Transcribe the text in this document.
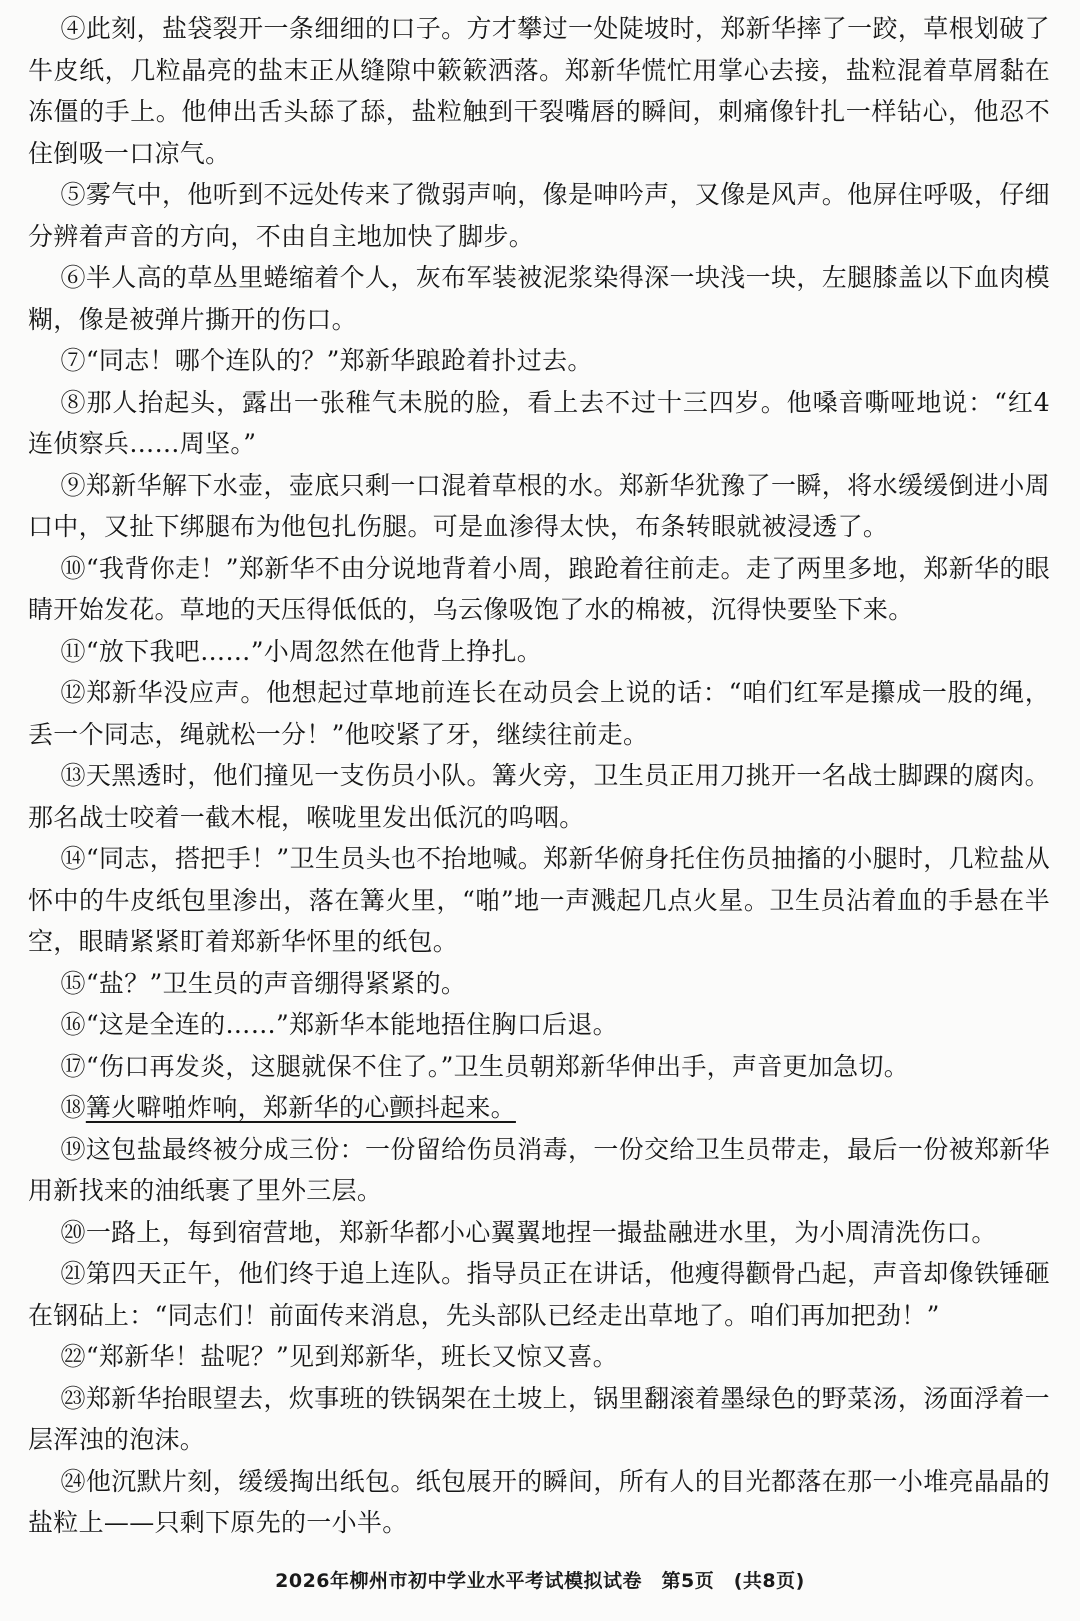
④此刻，盐袋裂开一条细细的口子。方才攀过一处陡坡时，郑新华摔了一跤，草根划破了牛皮纸，几粒晶亮的盐末正从缝隙中簌簌洒落。郑新华慌忙用掌心去接，盐粒混着草屑黏在冻僵的手上。他伸出舌头舔了舔，盐粒触到干裂嘴唇的瞬间，刺痛像针扎一样钻心，他忍不住倒吸一口凉气。

⑤雾气中，他听到不远处传来了微弱声响，像是呻吟声，又像是风声。他屏住呼吸，仔细分辨着声音的方向，不由自主地加快了脚步。

⑥半人高的草丛里蜷缩着个人，灰布军装被泥浆染得深一块浅一块，左腿膝盖以下血肉模糊，像是被弹片撕开的伤口。

⑦“同志！哪个连队的？”郑新华踉跄着扑过去。

⑧那人抬起头，露出一张稚气未脱的脸，看上去不过十三四岁。他嗓音嘶哑地说：“红4连侦察兵……周坚。”

⑨郑新华解下水壶，壶底只剩一口混着草根的水。郑新华犹豫了一瞬，将水缓缓倒进小周口中，又扯下绑腿布为他包扎伤腿。可是血渗得太快，布条转眼就被浸透了。

⑩“我背你走！”郑新华不由分说地背着小周，踉跄着往前走。走了两里多地，郑新华的眼睛开始发花。草地的天压得低低的，乌云像吸饱了水的棉被，沉得快要坠下来。

⑪“放下我吧……”小周忽然在他背上挣扎。

⑫郑新华没应声。他想起过草地前连长在动员会上说的话：“咱们红军是攥成一股的绳，丢一个同志，绳就松一分！”他咬紧了牙，继续往前走。

⑬天黑透时，他们撞见一支伤员小队。篝火旁，卫生员正用刀挑开一名战士脚踝的腐肉。那名战士咬着一截木棍，喉咙里发出低沉的呜咽。

⑭“同志，搭把手！”卫生员头也不抬地喊。郑新华俯身托住伤员抽搐的小腿时，几粒盐从怀中的牛皮纸包里渗出，落在篝火里，“啪”地一声溅起几点火星。卫生员沾着血的手悬在半空，眼睛紧紧盯着郑新华怀里的纸包。

⑮“盐？”卫生员的声音绷得紧紧的。

⑯“这是全连的……”郑新华本能地捂住胸口后退。

⑰“伤口再发炎，这腿就保不住了。”卫生员朝郑新华伸出手，声音更加急切。

⑱篝火噼啪炸响，郑新华的心颤抖起来。

⑲这包盐最终被分成三份：一份留给伤员消毒，一份交给卫生员带走，最后一份被郑新华用新找来的油纸裹了里外三层。

⑳一路上，每到宿营地，郑新华都小心翼翼地捏一撮盐融进水里，为小周清洗伤口。

㉑第四天正午，他们终于追上连队。指导员正在讲话，他瘦得颧骨凸起，声音却像铁锤砸在钢砧上：“同志们！前面传来消息，先头部队已经走出草地了。咱们再加把劲！”

㉒“郑新华！盐呢？”见到郑新华，班长又惊又喜。

㉓郑新华抬眼望去，炊事班的铁锅架在土坡上，锅里翻滚着墨绿色的野菜汤，汤面浮着一层浑浊的泡沫。

㉔他沉默片刻，缓缓掏出纸包。纸包展开的瞬间，所有人的目光都落在那一小堆亮晶晶的盐粒上——只剩下原先的一小半。

2026年柳州市初中学业水平考试模拟试卷　第5页　(共8页)
